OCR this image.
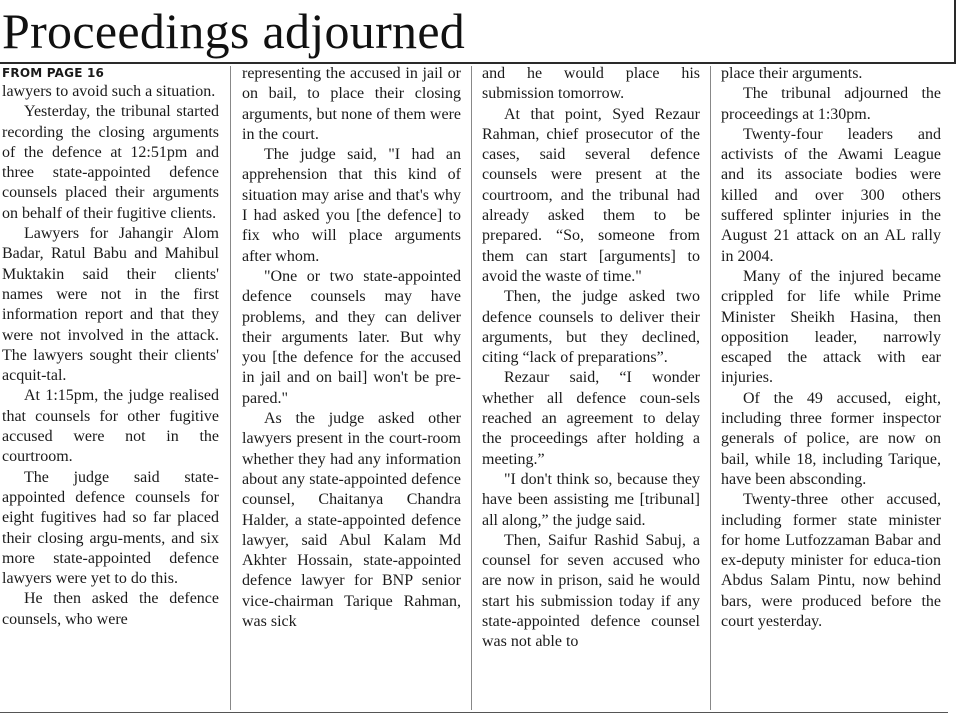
Proceedings adjourned

FROM PAGE 16

lawyers to avoid such a situation.

Yesterday, the tribunal started recording the closing arguments of the defence at 12:51pm and three state-appointed defence counsels placed their arguments on behalf of their fugitive clients.

Lawyers for Jahangir Alom Badar, Ratul Babu and Mahibul Muktakin said their clients' names were not in the first information report and that they were not involved in the attack. The lawyers sought their clients' acquit-tal.

At 1:15pm, the judge realised that counsels for other fugitive accused were not in the courtroom.

The judge said state-appointed defence counsels for eight fugitives had so far placed their closing argu-ments, and six more state-appointed defence lawyers were yet to do this.

He then asked the defence counsels, who were

representing the accused in jail or on bail, to place their closing arguments, but none of them were in the court.

The judge said, "I had an apprehension that this kind of situation may arise and that's why I had asked you [the defence] to fix who will place arguments after whom.

"One or two state-appointed defence counsels may have problems, and they can deliver their arguments later. But why you [the defence for the accused in jail and on bail] won't be pre-pared."

As the judge asked other lawyers present in the court-room whether they had any information about any state-appointed defence counsel, Chaitanya Chandra Halder, a state-appointed defence lawyer, said Abul Kalam Md Akhter Hossain, state-appointed defence lawyer for BNP senior vice-chairman Tarique Rahman, was sick

and he would place his submission tomorrow.

At that point, Syed Rezaur Rahman, chief prosecutor of the cases, said several defence counsels were present at the courtroom, and the tribunal had already asked them to be prepared. “So, someone from them can start [arguments] to avoid the waste of time."

Then, the judge asked two defence counsels to deliver their arguments, but they declined, citing “lack of preparations”.

Rezaur said, “I wonder whether all defence coun-sels reached an agreement to delay the proceedings after holding a meeting.”

"I don't think so, because they have been assisting me [tribunal] all along,” the judge said.

Then, Saifur Rashid Sabuj, a counsel for seven accused who are now in prison, said he would start his submission today if any state-appointed defence counsel was not able to

place their arguments.

The tribunal adjourned the proceedings at 1:30pm.

Twenty-four leaders and activists of the Awami League and its associate bodies were killed and over 300 others suffered splinter injuries in the August 21 attack on an AL rally in 2004.

Many of the injured became crippled for life while Prime Minister Sheikh Hasina, then opposition leader, narrowly escaped the attack with ear injuries.

Of the 49 accused, eight, including three former inspector generals of police, are now on bail, while 18, including Tarique, have been absconding.

Twenty-three other accused, including former state minister for home Lutfozzaman Babar and ex-deputy minister for educa-tion Abdus Salam Pintu, now behind bars, were produced before the court yesterday.
